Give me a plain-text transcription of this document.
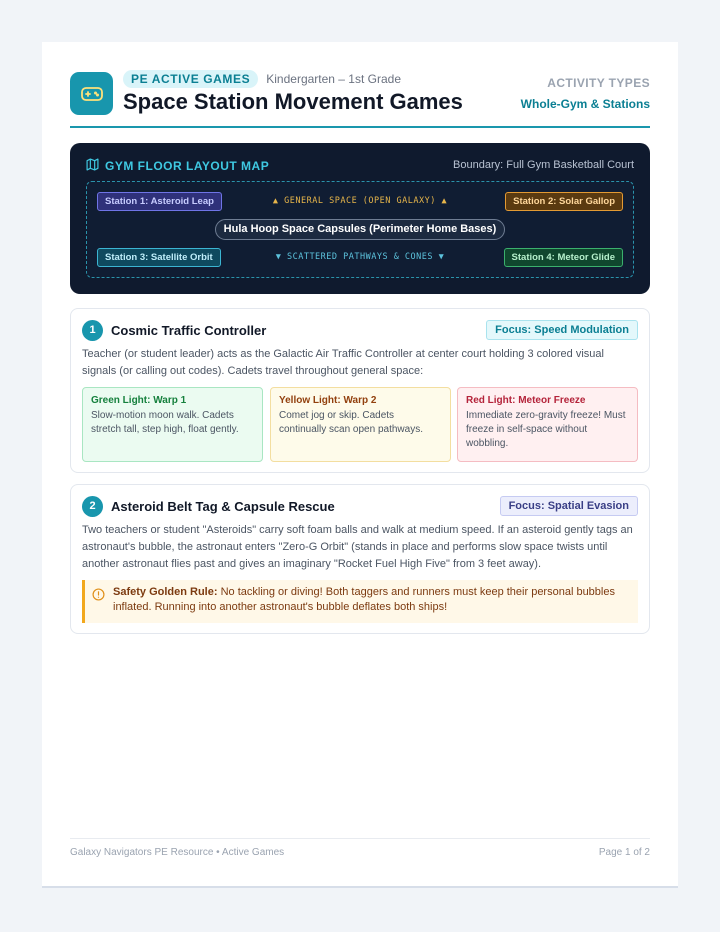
PE ACTIVE GAMES	Kindergarten – 1st Grade
Space Station Movement Games
ACTIVITY TYPES
Whole-Gym & Stations
GYM FLOOR LAYOUT MAP	Boundary: Full Gym Basketball Court
Station 1: Asteroid Leap	Station 2: Solar Gallop
▲ GENERAL SPACE (OPEN GALAXY) ▲
Hula Hoop Space Capsules (Perimeter Home Bases)
Station 3: Satellite Orbit	▼ SCATTERED PATHWAYS & CONES ▼	Station 4: Meteor Glide
1	Cosmic Traffic Controller	Focus: Speed Modulation
Teacher (or student leader) acts as the Galactic Air Traffic Controller at center court holding 3 colored visual signals (or calling out codes). Cadets travel throughout general space:
Green Light: Warp 1
Slow-motion moon walk. Cadets stretch tall, step high, float gently.
Yellow Light: Warp 2
Comet jog or skip. Cadets continually scan open pathways.
Red Light: Meteor Freeze
Immediate zero-gravity freeze! Must freeze in self-space without wobbling.
2	Asteroid Belt Tag & Capsule Rescue	Focus: Spatial Evasion
Two teachers or student "Asteroids" carry soft foam balls and walk at medium speed. If an asteroid gently tags an astronaut's bubble, the astronaut enters "Zero-G Orbit" (stands in place and performs slow space twists until another astronaut flies past and gives an imaginary "Rocket Fuel High Five" from 3 feet away).
Safety Golden Rule: No tackling or diving! Both taggers and runners must keep their personal bubbles inflated. Running into another astronaut's bubble deflates both ships!
Galaxy Navigators PE Resource • Active Games	Page 1 of 2
